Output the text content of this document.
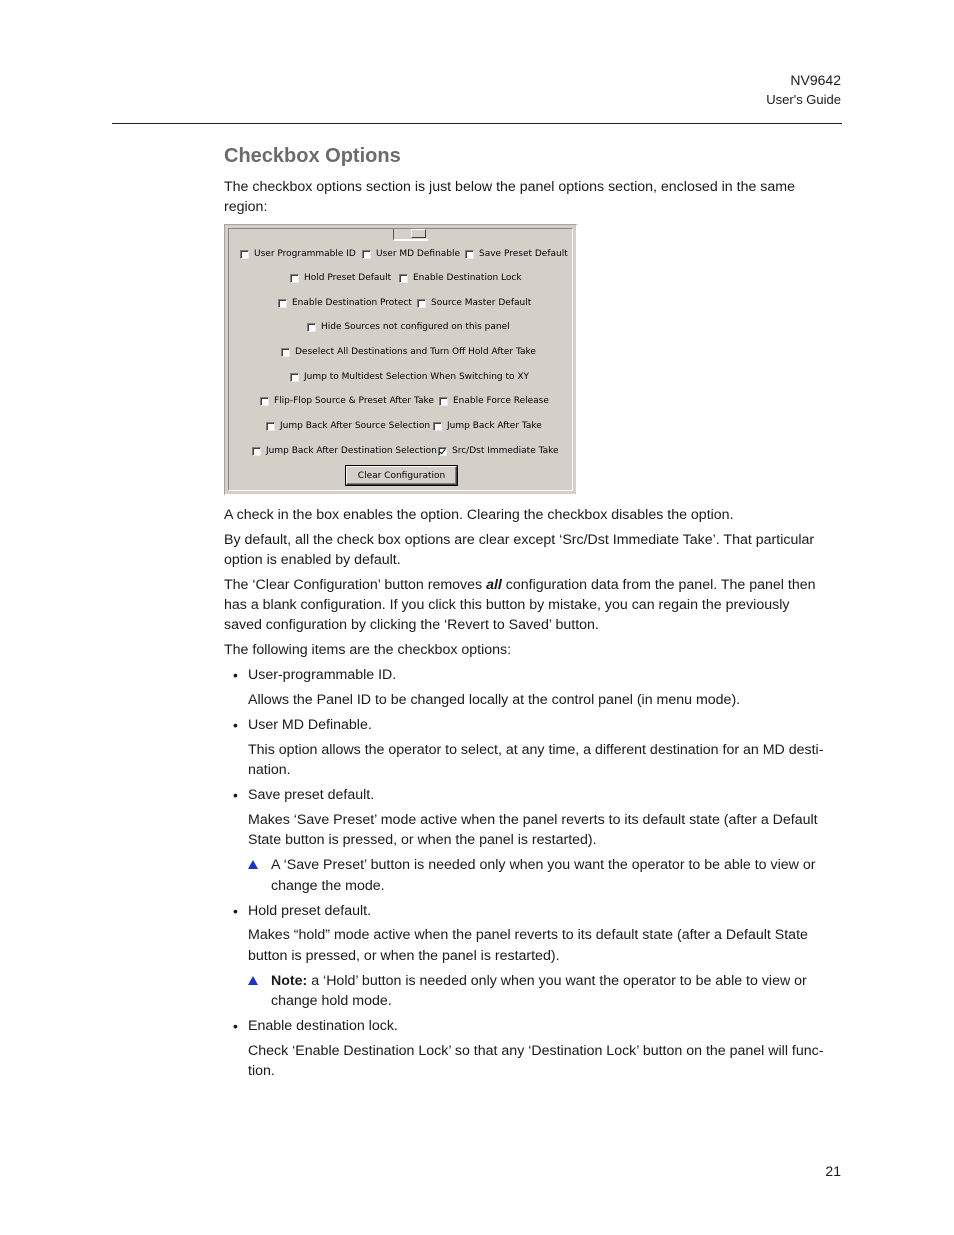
NV9642
User's Guide
Checkbox Options
The checkbox options section is just below the panel options section, enclosed in the same region:
User Programmable ID User MD Definable Save Preset Default
Hold Preset Default Enable Destination Lock
Enable Destination Protect Source Master Default
Hide Sources not configured on this panel
Deselect All Destinations and Turn Off Hold After Take
Jump to Multidest Selection When Switching to XY
Flip-Flop Source & Preset After Take Enable Force Release
Jump Back After Source Selection Jump Back After Take
Jump Back After Destination Selection Src/Dst Immediate Take
Clear Configuration
A check in the box enables the option. Clearing the checkbox disables the option.
By default, all the check box options are clear except ‘Src/Dst Immediate Take’. That particular
option is enabled by default.
The ‘Clear Configuration’ button removes all configuration data from the panel. The panel then
has a blank configuration. If you click this button by mistake, you can regain the previously
saved configuration by clicking the ‘Revert to Saved’ button.
The following items are the checkbox options:
• User-programmable ID.
Allows the Panel ID to be changed locally at the control panel (in menu mode).
• User MD Definable.
This option allows the operator to select, at any time, a different destination for an MD desti-
nation.
• Save preset default.
Makes ‘Save Preset’ mode active when the panel reverts to its default state (after a Default
State button is pressed, or when the panel is restarted).
A ‘Save Preset’ button is needed only when you want the operator to be able to view or
change the mode.
• Hold preset default.
Makes “hold” mode active when the panel reverts to its default state (after a Default State
button is pressed, or when the panel is restarted).
Note: a ‘Hold’ button is needed only when you want the operator to be able to view or
change hold mode.
• Enable destination lock.
Check ‘Enable Destination Lock’ so that any ‘Destination Lock’ button on the panel will func-
tion.
21
